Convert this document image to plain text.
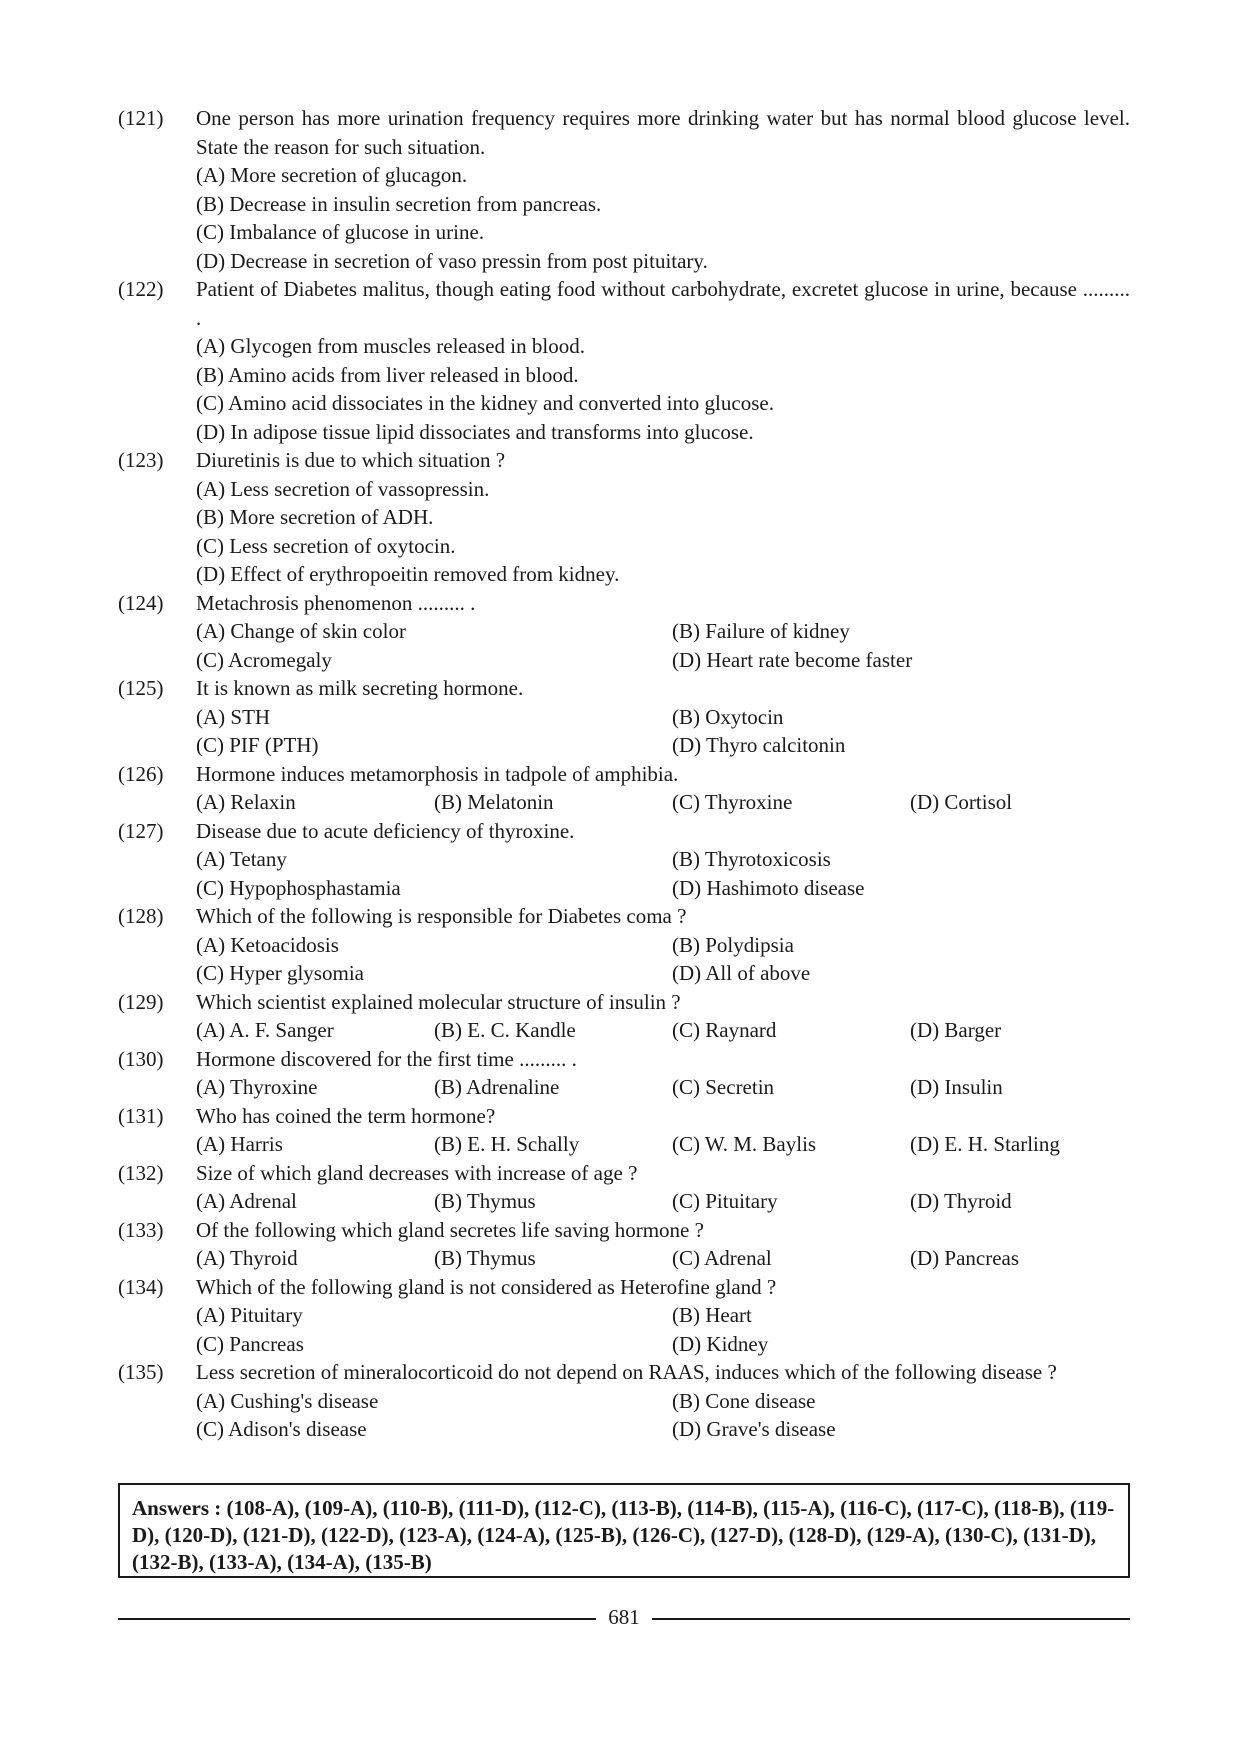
(121)	One person has more urination frequency requires more drinking water but has normal blood glucose level. State the reason for such situation.
(A) More secretion of glucagon.
(B) Decrease in insulin secretion from pancreas.
(C) Imbalance of glucose in urine.
(D) Decrease in secretion of vaso pressin from post pituitary.
(122)	Patient of Diabetes malitus, though eating food without carbohydrate, excretet glucose in urine, because ......... .
(A) Glycogen from muscles released in blood.
(B) Amino acids from liver released in blood.
(C) Amino acid dissociates in the kidney and converted into glucose.
(D) In adipose tissue lipid dissociates and transforms into glucose.
(123)	Diuretinis is due to which situation ?
(A) Less secretion of vassopressin.
(B) More secretion of ADH.
(C) Less secretion of oxytocin.
(D) Effect of erythropoeitin removed from kidney.
(124)	Metachrosis phenomenon ......... .
(A) Change of skin color	(B) Failure of kidney
(C) Acromegaly	(D) Heart rate become faster
(125)	It is known as milk secreting hormone.
(A) STH	(B) Oxytocin
(C) PIF (PTH)	(D) Thyro calcitonin
(126)	Hormone induces metamorphosis in tadpole of amphibia.
(A) Relaxin	(B) Melatonin	(C) Thyroxine	(D) Cortisol
(127)	Disease due to acute deficiency of thyroxine.
(A) Tetany	(B) Thyrotoxicosis
(C) Hypophosphastamia	(D) Hashimoto disease
(128)	Which of the following is responsible for Diabetes coma ?
(A) Ketoacidosis	(B) Polydipsia
(C) Hyper glysomia	(D) All of above
(129)	Which scientist explained molecular structure of insulin ?
(A) A. F. Sanger	(B) E. C. Kandle	(C) Raynard	(D) Barger
(130)	Hormone discovered for the first time ......... .
(A) Thyroxine	(B) Adrenaline	(C) Secretin	(D) Insulin
(131)	Who has coined the term hormone?
(A) Harris	(B) E. H. Schally	(C) W. M. Baylis	(D) E. H. Starling
(132)	Size of which gland decreases with increase of age ?
(A) Adrenal	(B) Thymus	(C) Pituitary	(D) Thyroid
(133)	Of the following which gland secretes life saving hormone ?
(A) Thyroid	(B) Thymus	(C) Adrenal	(D) Pancreas
(134)	Which of the following gland is not considered as Heterofine gland ?
(A) Pituitary	(B) Heart
(C) Pancreas	(D) Kidney
(135)	Less secretion of mineralocorticoid do not depend on RAAS, induces which of the following disease ?
(A) Cushing's disease	(B) Cone disease
(C) Adison's disease	(D) Grave's disease
Answers : (108-A), (109-A), (110-B), (111-D), (112-C), (113-B), (114-B), (115-A), (116-C), (117-C), (118-B), (119-D), (120-D), (121-D), (122-D), (123-A), (124-A), (125-B), (126-C), (127-D), (128-D), (129-A), (130-C), (131-D), (132-B), (133-A), (134-A), (135-B)
681
